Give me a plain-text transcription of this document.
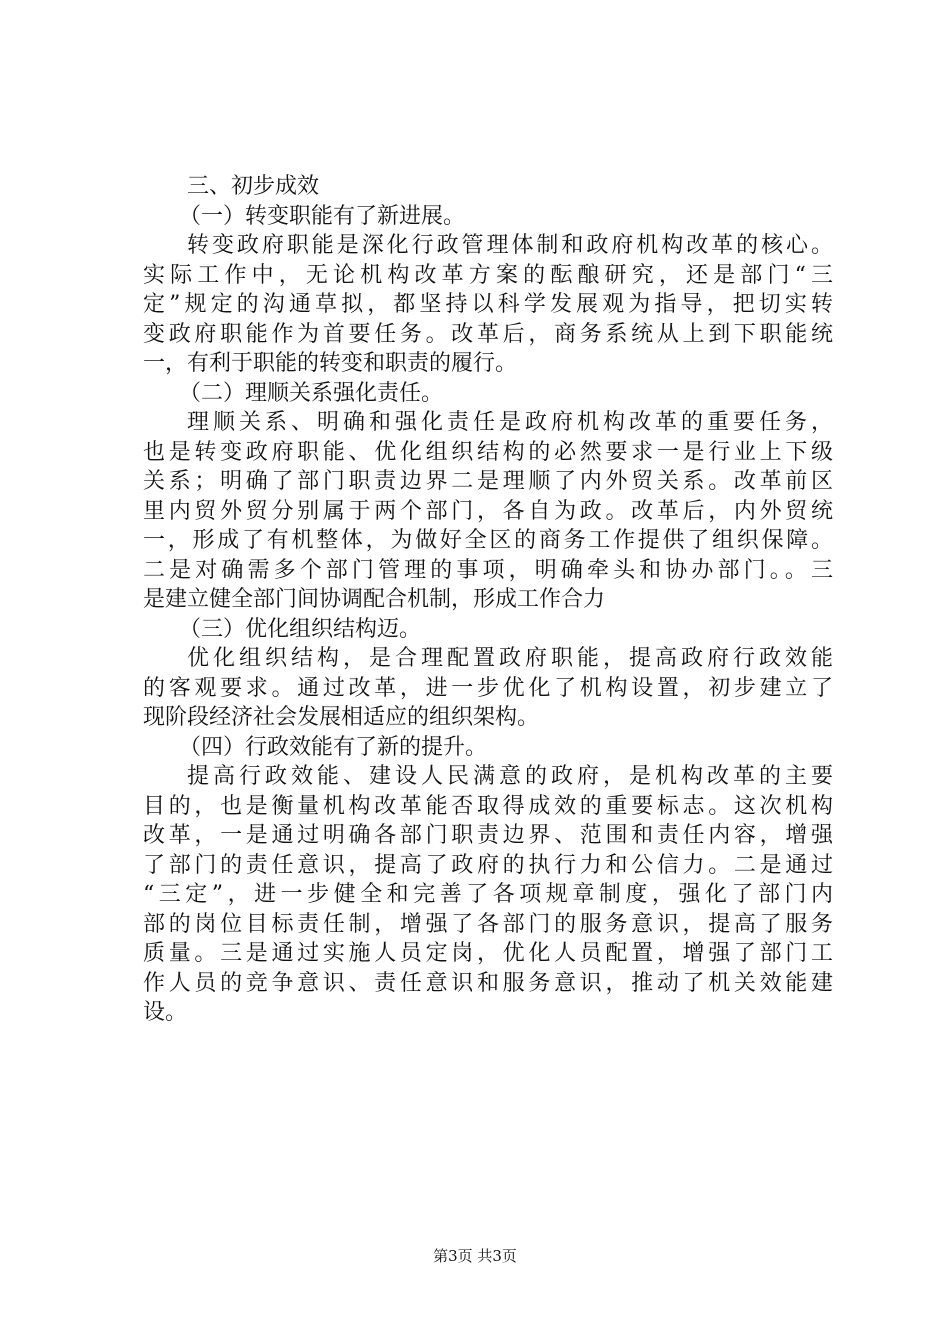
三、初步成效
（一）转变职能有了新进展。
转变政府职能是深化行政管理体制和政府机构改革的核心。
实际工作中，无论机构改革方案的酝酿研究，还是部门“三
定”规定的沟通草拟，都坚持以科学发展观为指导，把切实转
变政府职能作为首要任务。改革后，商务系统从上到下职能统
一，有利于职能的转变和职责的履行。
（二）理顺关系强化责任。
理顺关系、明确和强化责任是政府机构改革的重要任务，
也是转变政府职能、优化组织结构的必然要求一是行业上下级
关系；明确了部门职责边界二是理顺了内外贸关系。改革前区
里内贸外贸分别属于两个部门，各自为政。改革后，内外贸统
一，形成了有机整体，为做好全区的商务工作提供了组织保障。
二是对确需多个部门管理的事项，明确牵头和协办部门。。三
是建立健全部门间协调配合机制，形成工作合力
（三）优化组织结构迈。
优化组织结构，是合理配置政府职能，提高政府行政效能
的客观要求。通过改革，进一步优化了机构设置，初步建立了
现阶段经济社会发展相适应的组织架构。
（四）行政效能有了新的提升。
提高行政效能、建设人民满意的政府，是机构改革的主要
目的，也是衡量机构改革能否取得成效的重要标志。这次机构
改革，一是通过明确各部门职责边界、范围和责任内容，增强
了部门的责任意识，提高了政府的执行力和公信力。二是通过
“三定”，进一步健全和完善了各项规章制度，强化了部门内
部的岗位目标责任制，增强了各部门的服务意识，提高了服务
质量。三是通过实施人员定岗，优化人员配置，增强了部门工
作人员的竞争意识、责任意识和服务意识，推动了机关效能建
设。
第3页 共3页
